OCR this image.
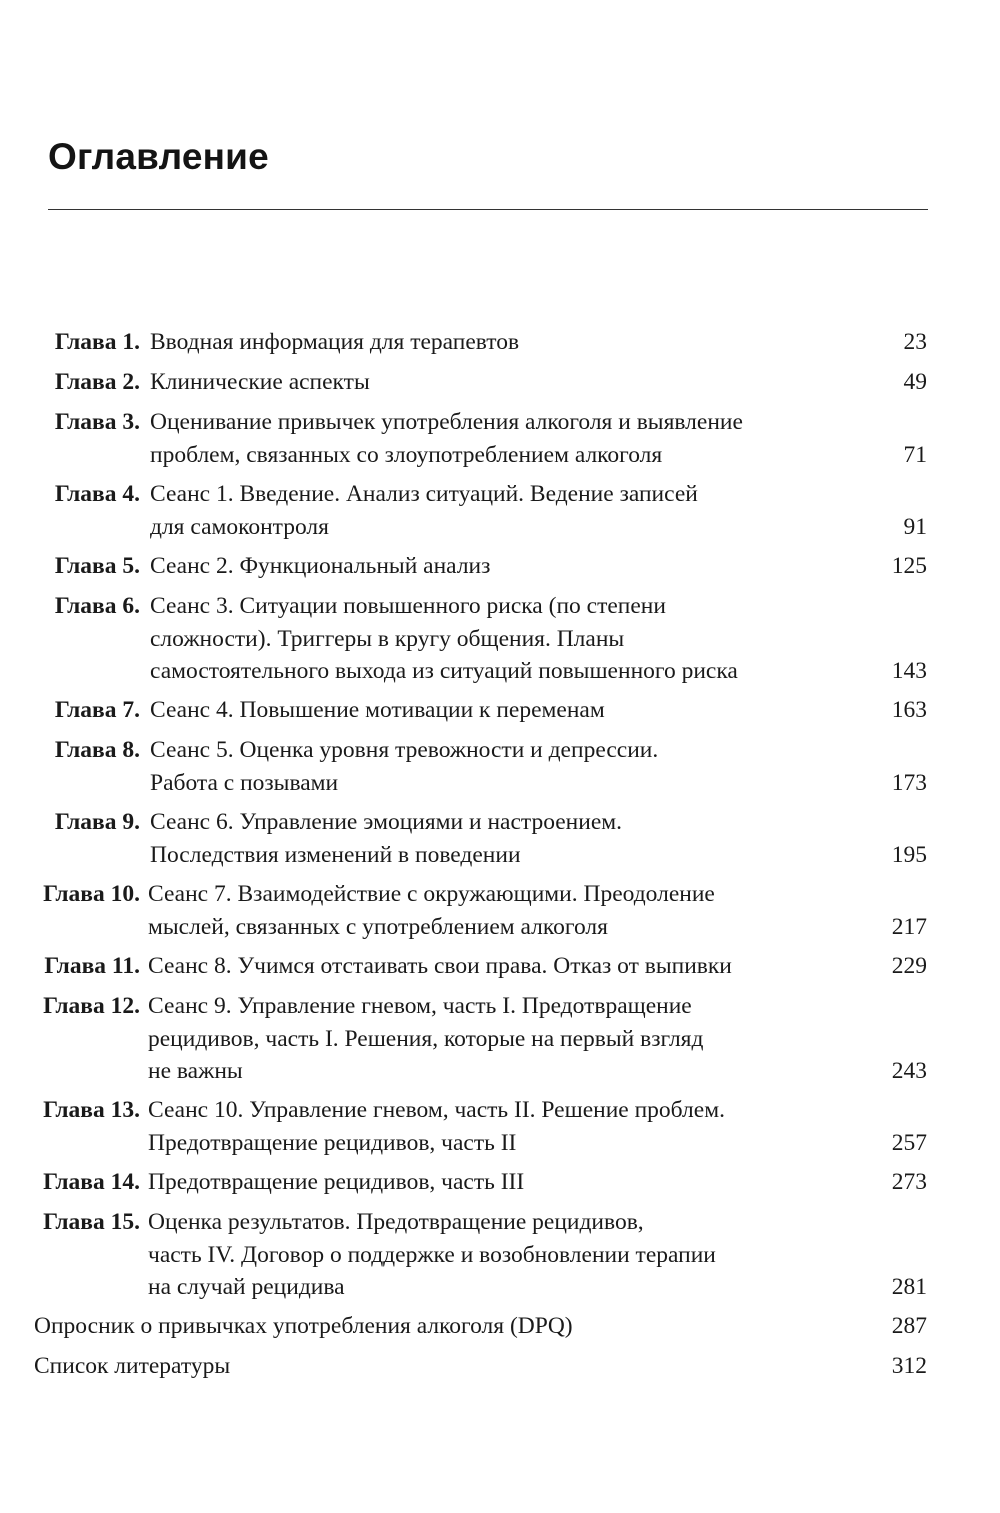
Оглавление
Глава 1. Вводная информация для терапевтов	23
Глава 2. Клинические аспекты	49
Глава 3. Оценивание привычек употребления алкоголя и выявление
проблем, связанных со злоупотреблением алкоголя	71
Глава 4. Сеанс 1. Введение. Анализ ситуаций. Ведение записей
для самоконтроля	91
Глава 5. Сеанс 2. Функциональный анализ	125
Глава 6. Сеанс 3. Ситуации повышенного риска (по степени
сложности). Триггеры в кругу общения. Планы
самостоятельного выхода из ситуаций повышенного риска	143
Глава 7. Сеанс 4. Повышение мотивации к переменам	163
Глава 8. Сеанс 5. Оценка уровня тревожности и депрессии.
Работа с позывами	173
Глава 9. Сеанс 6. Управление эмоциями и настроением.
Последствия изменений в поведении	195
Глава 10. Сеанс 7. Взаимодействие с окружающими. Преодоление
мыслей, связанных с употреблением алкоголя	217
Глава 11. Сеанс 8. Учимся отстаивать свои права. Отказ от выпивки	229
Глава 12. Сеанс 9. Управление гневом, часть I. Предотвращение
рецидивов, часть I. Решения, которые на первый взгляд
не важны	243
Глава 13. Сеанс 10. Управление гневом, часть II. Решение проблем.
Предотвращение рецидивов, часть II	257
Глава 14. Предотвращение рецидивов, часть III	273
Глава 15. Оценка результатов. Предотвращение рецидивов,
часть IV. Договор о поддержке и возобновлении терапии
на случай рецидива	281
Опросник о привычках употребления алкоголя (DPQ)	287
Список литературы	312
